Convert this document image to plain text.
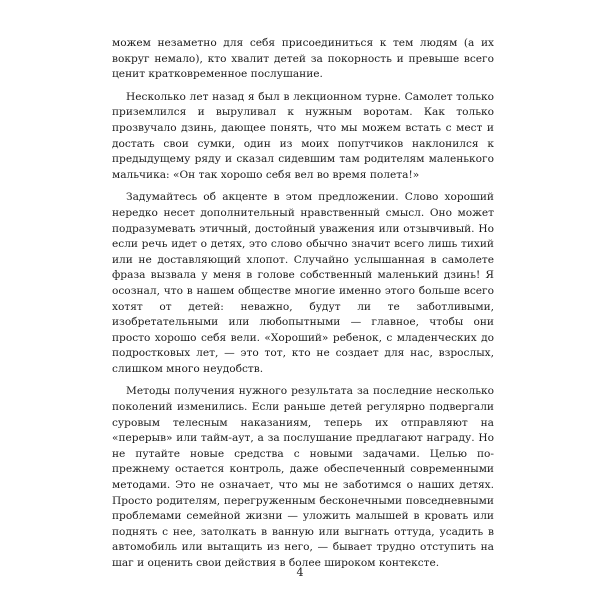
можем незаметно для себя присоединиться к тем людям (а их вокруг немало), кто хвалит детей за покорность и превыше всего ценит кратковременное послушание.

Несколько лет назад я был в лекционном турне. Самолет только приземлился и выруливал к нужным воротам. Как только прозвучало дзинь, дающее понять, что мы можем встать с мест и достать свои сумки, один из моих попутчиков наклонился к предыдущему ряду и сказал сидевшим там родителям маленького мальчика: «Он так хорошо себя вел во время полета!»

Задумайтесь об акценте в этом предложении. Слово хороший нередко несет дополнительный нравственный смысл. Оно может подразумевать этичный, достойный уважения или отзывчивый. Но если речь идет о детях, это слово обычно значит всего лишь тихий или не доставляющий хлопот. Случайно услышанная в самолете фраза вызвала у меня в голове собственный маленький дзинь! Я осознал, что в нашем обществе многие именно этого больше всего хотят от детей: неважно, будут ли те заботливыми, изобретательными или любопытными — главное, чтобы они просто хорошо себя вели. «Хороший» ребенок, с младенческих до подростковых лет, — это тот, кто не создает для нас, взрослых, слишком много неудобств.

Методы получения нужного результата за последние несколько поколений изменились. Если раньше детей регулярно подвергали суровым телесным наказаниям, теперь их отправляют на «перерыв» или тайм-аут, а за послушание предлагают награду. Но не путайте новые средства с новыми задачами. Целью по-прежнему остается контроль, даже обеспеченный современными методами. Это не означает, что мы не заботимся о наших детях. Просто родителям, перегруженным бесконечными повседневными проблемами семейной жизни — уложить малышей в кровать или поднять с нее, затолкать в ванную или выгнать оттуда, усадить в автомобиль или вытащить из него, — бывает трудно отступить на шаг и оценить свои действия в более широком контексте.

4
